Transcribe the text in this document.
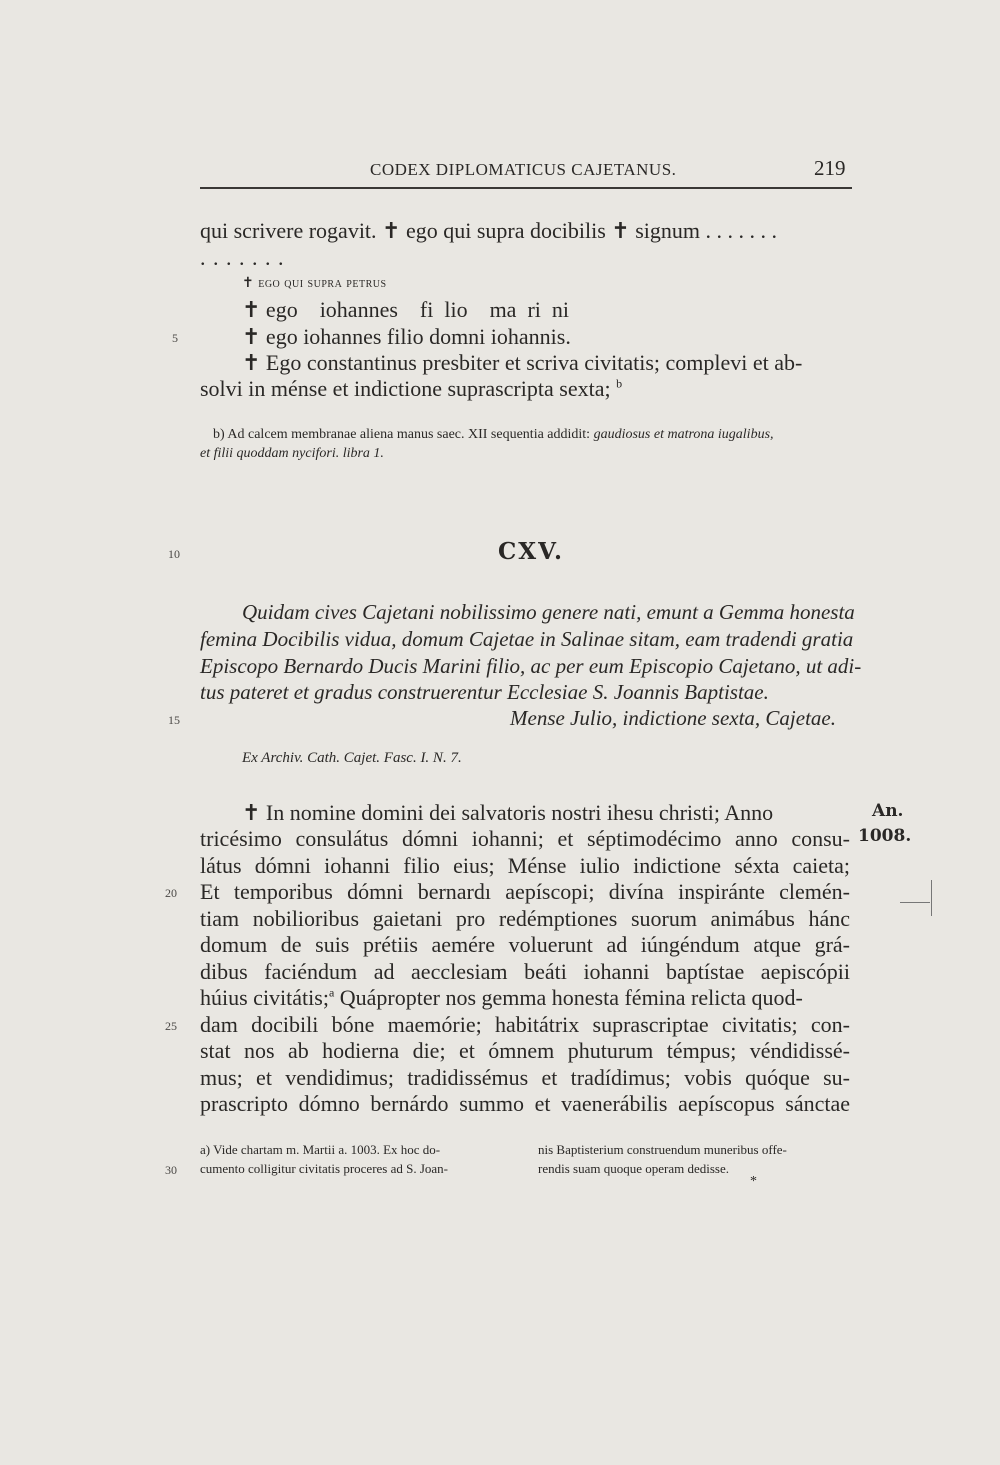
CODEX DIPLOMATICUS CAJETANUS.	219
qui scrivere rogavit. ✝ ego qui supra docibilis ✝ signum . . . . . . .
. . . . . . .
✝ ego qui supra petrus
✝ ego    iohannes    fi  lio    ma  ri  ni
✝ ego iohannes filio domni iohannis.
✝ Ego constantinus presbiter et scriva civitatis; complevi et ab-
solvi in ménse et indictione suprascripta sexta; $^b$
b) Ad calcem membranae aliena manus saec. XII sequentia addidit: gaudiosus et matrona iugalibus,
et filii quoddam nycifori. libra 1.
CXV.
Quidam cives Cajetani nobilissimo genere nati, emunt a Gemma honesta
femina Docibilis vidua, domum Cajetae in Salinae sitam, eam tradendi gratia
Episcopo Bernardo Ducis Marini filio, ac per eum Episcopio Cajetano, ut adi-
tus pateret et gradus construerentur Ecclesiae S. Joannis Baptistae.
Mense Julio, indictione sexta, Cajetae.
Ex Archiv. Cath. Cajet. Fasc. I. N. 7.
✝ In nomine domini dei salvatoris nostri ihesu christi; Anno
tricésimo consulátus dómni iohanni; et séptimodécimo anno consu-
látus dómni iohanni filio eius; Ménse iulio indictione séxta caieta;
Et temporibus dómni bernardı aepíscopi; divína inspiránte clemén-
tiam nobilioribus gaietani pro redémptiones suorum animábus hánc
domum de suis prétiis aemére voluerunt ad iúngéndum atque grá-
dibus faciéndum ad aecclesiam beáti iohanni baptístae aepiscópii
húius civitátis;$^a$ Quápropter nos gemma honesta fémina relicta quod-
dam docibili bóne maemórie; habitátrix suprascriptae civitatis; con-
stat nos ab hodierna die; et ómnem phuturum témpus; véndidissé-
mus; et vendidimus; tradidissémus et tradídimus; vobis quóque su-
prascripto dómno bernárdo summo et vaenerábilis aepíscopus sánctae
An.
1008.
5
10
15
20
25
30
a) Vide chartam m. Martii a. 1003. Ex hoc do-
cumento colligitur civitatis proceres ad S. Joan-
nis Baptisterium construendum muneribus offe-
rendis suam quoque operam dedisse.
*
